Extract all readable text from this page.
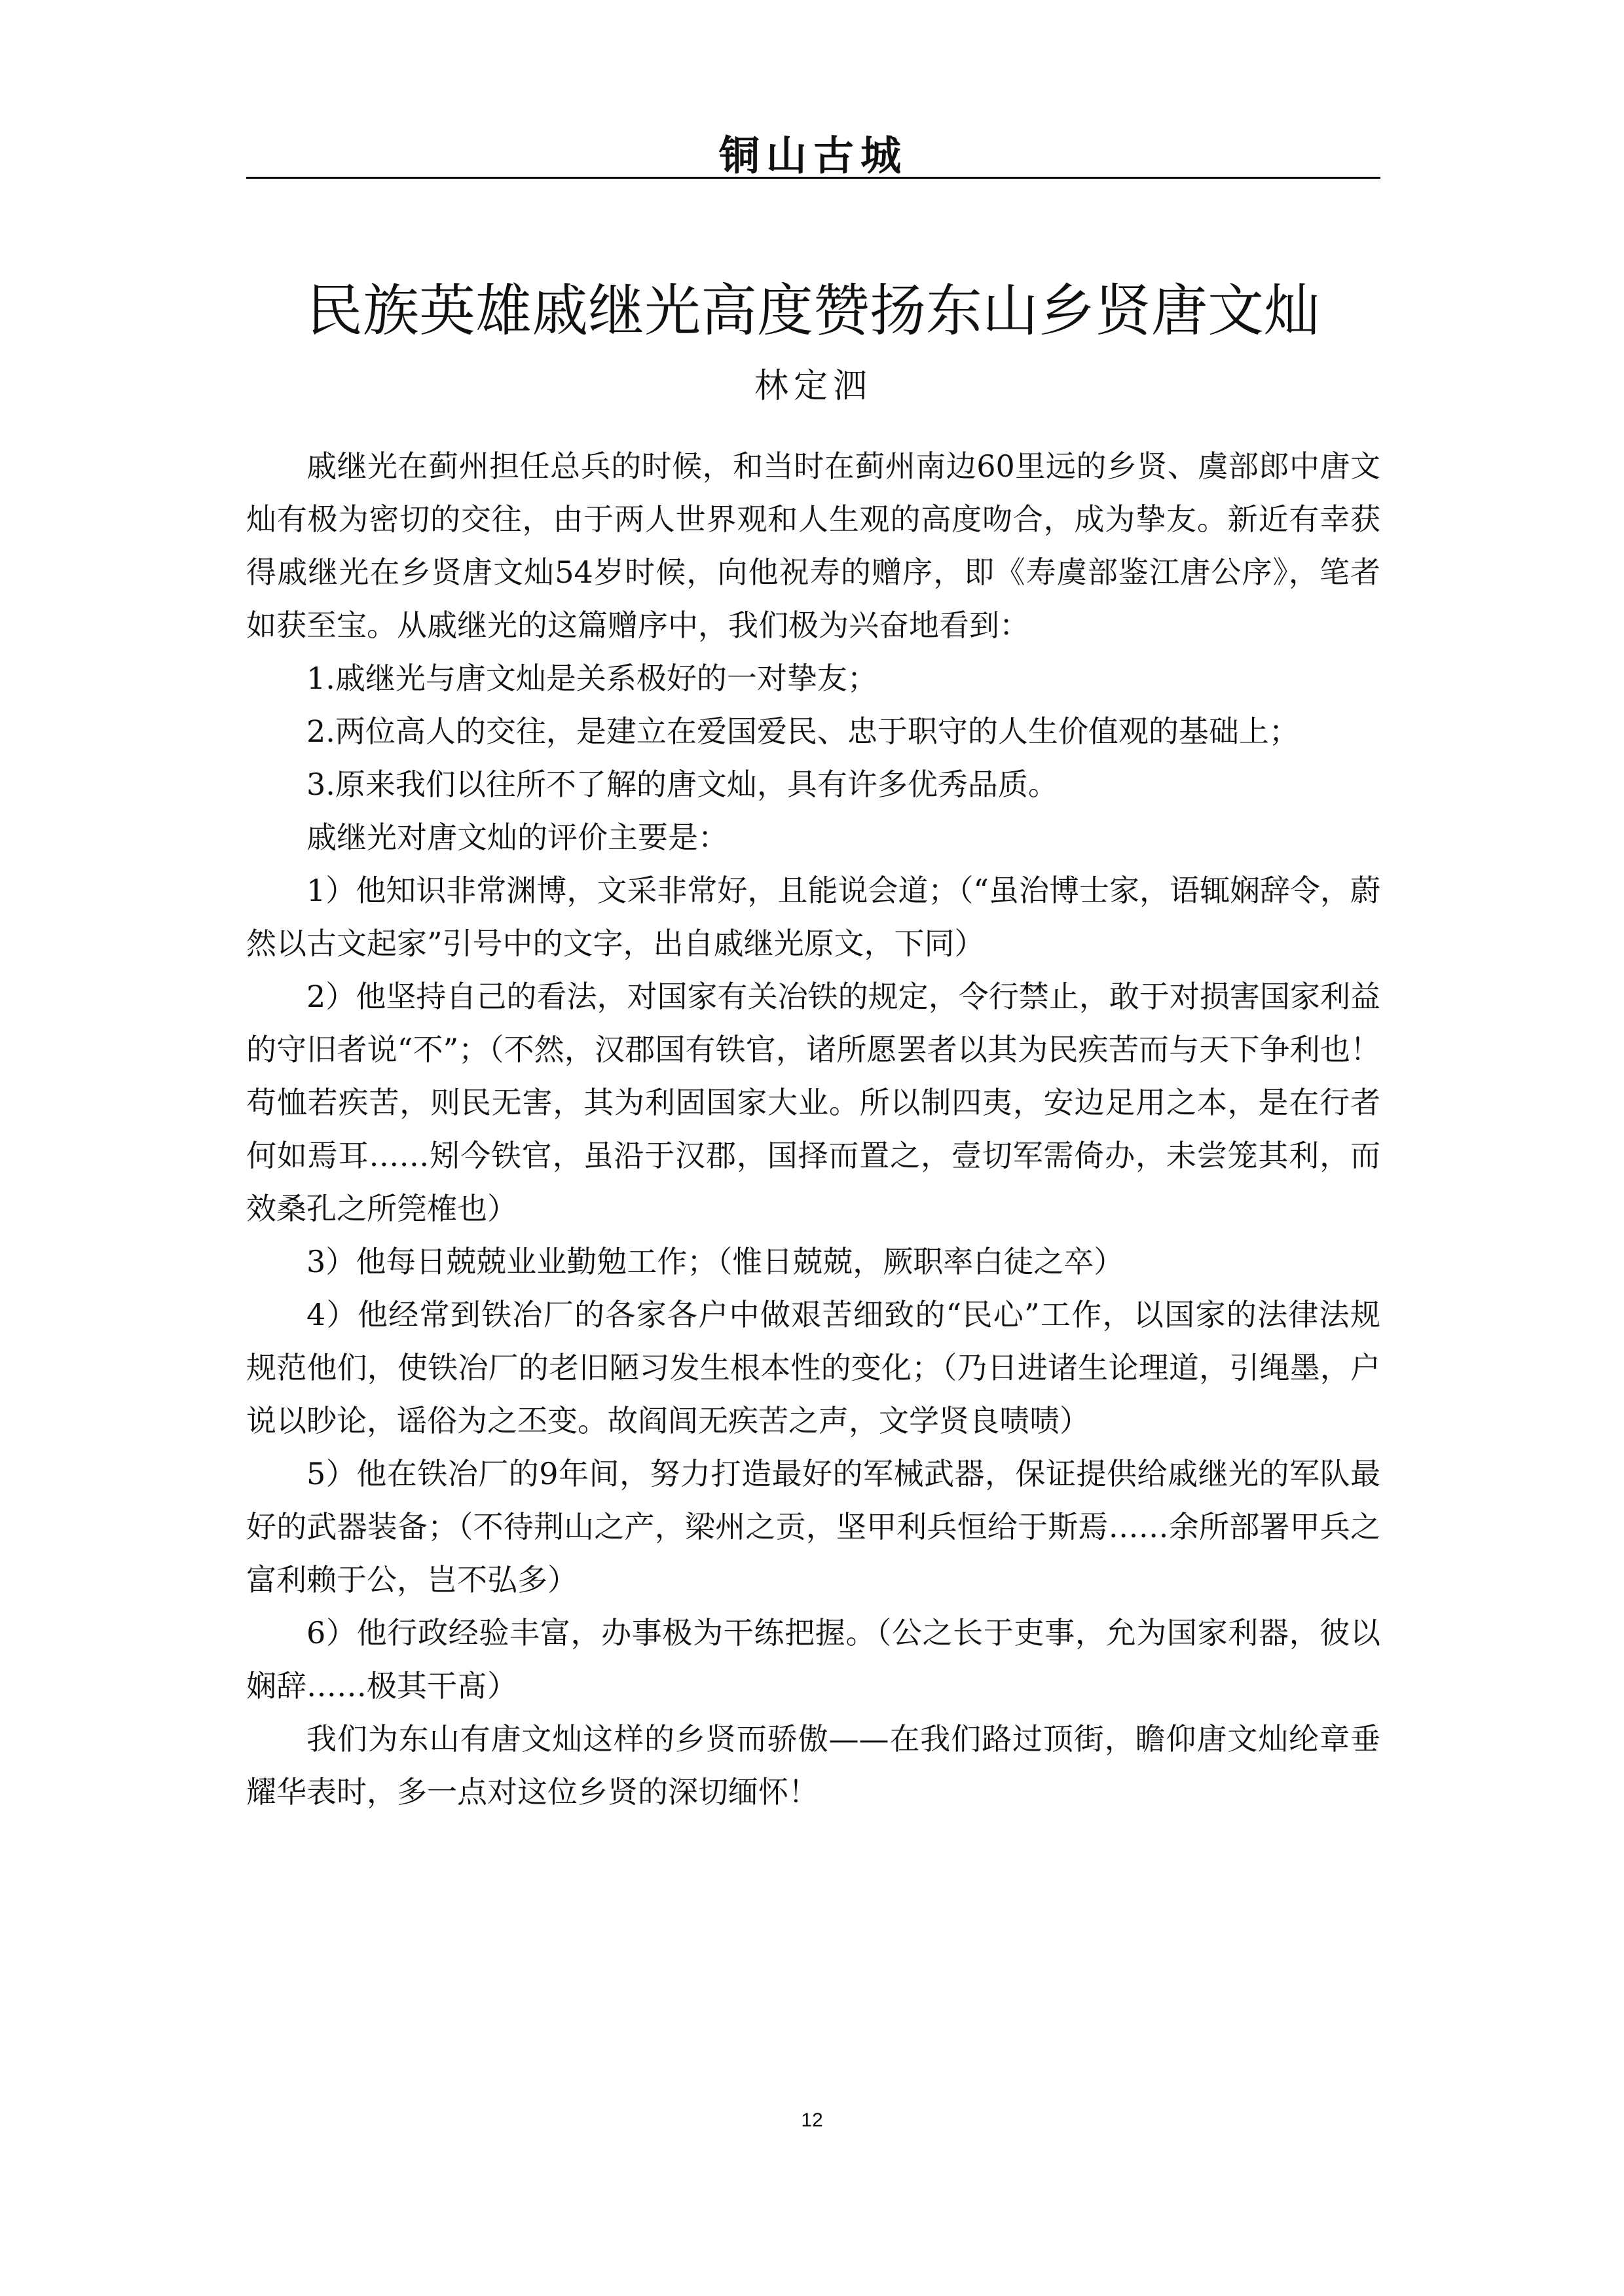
铜山古城
民族英雄戚继光高度赞扬东山乡贤唐文灿
林定泗

戚继光在蓟州担任总兵的时候，和当时在蓟州南边60里远的乡贤、虞部郎中唐文灿有极为密切的交往，由于两人世界观和人生观的高度吻合，成为挚友。新近有幸获得戚继光在乡贤唐文灿54岁时候，向他祝寿的赠序，即《寿虞部鉴江唐公序》，笔者如获至宝。从戚继光的这篇赠序中，我们极为兴奋地看到：

1.戚继光与唐文灿是关系极好的一对挚友；

2.两位高人的交往，是建立在爱国爱民、忠于职守的人生价值观的基础上；

3.原来我们以往所不了解的唐文灿，具有许多优秀品质。

戚继光对唐文灿的评价主要是：

1）他知识非常渊博，文采非常好，且能说会道；（“虽治博士家，语辄娴辞令，蔚然以古文起家”引号中的文字，出自戚继光原文，下同）

2）他坚持自己的看法，对国家有关冶铁的规定，令行禁止，敢于对损害国家利益的守旧者说“不”；（不然，汉郡国有铁官，诸所愿罢者以其为民疾苦而与天下争利也！苟恤若疾苦，则民无害，其为利固国家大业。所以制四夷，安边足用之本，是在行者何如焉耳……矧今铁官，虽沿于汉郡，国择而置之，壹切军需倚办，未尝笼其利，而效桑孔之所筦榷也）

3）他每日兢兢业业勤勉工作；（惟日兢兢，厥职率白徒之卒）

4）他经常到铁冶厂的各家各户中做艰苦细致的“民心”工作，以国家的法律法规规范他们，使铁冶厂的老旧陋习发生根本性的变化；（乃日进诸生论理道，引绳墨，户说以眇论，谣俗为之丕变。故阎闾无疾苦之声，文学贤良啧啧）

5）他在铁冶厂的9年间，努力打造最好的军械武器，保证提供给戚继光的军队最好的武器装备；（不待荆山之产，梁州之贡，坚甲利兵恒给于斯焉……余所部署甲兵之富利赖于公，岂不弘多）

6）他行政经验丰富，办事极为干练把握。（公之长于吏事，允为国家利器，彼以娴辞……极其干髙）

我们为东山有唐文灿这样的乡贤而骄傲——在我们路过顶街，瞻仰唐文灿纶章垂耀华表时，多一点对这位乡贤的深切缅怀！

12
